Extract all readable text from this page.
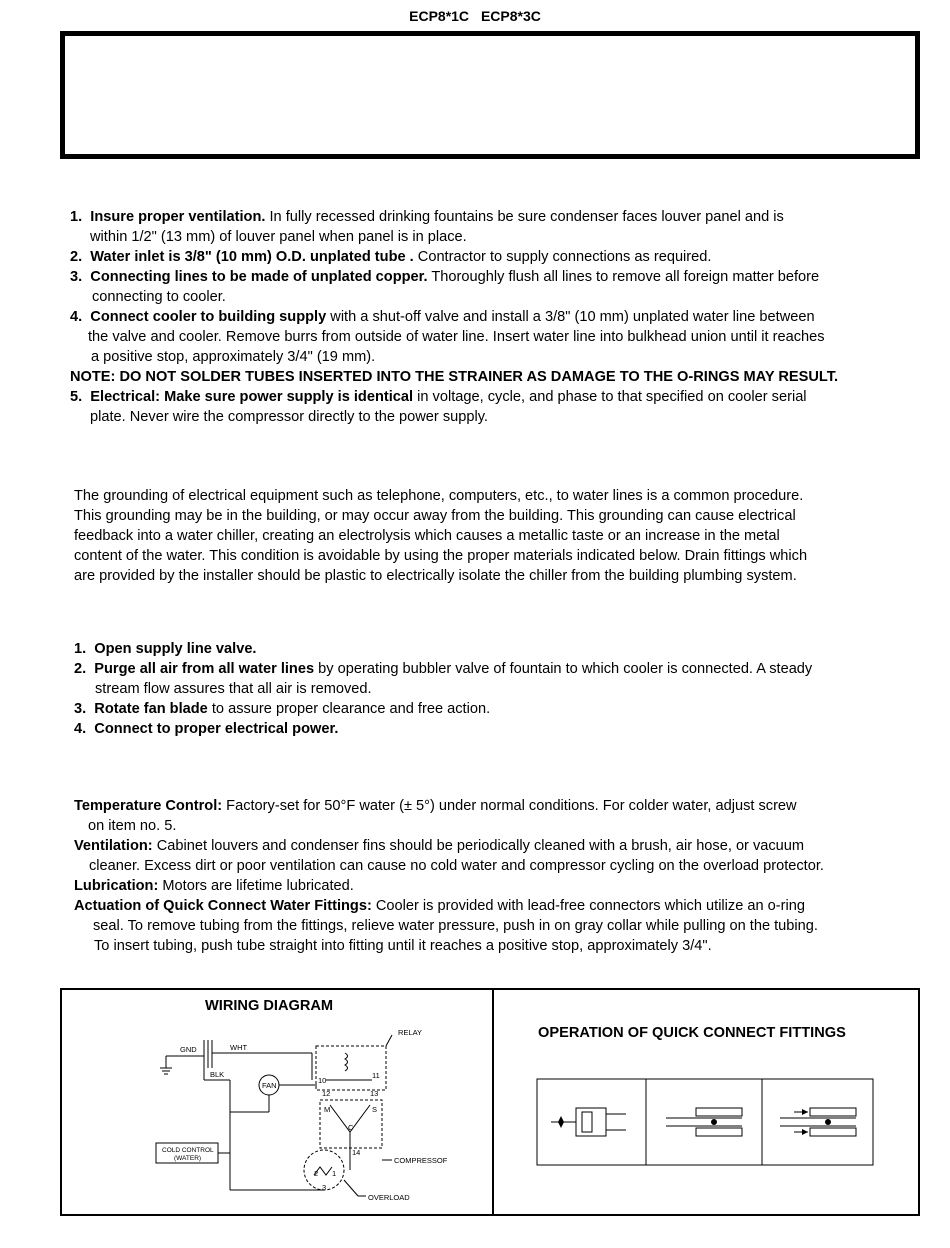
ECP8*1C ECP8*3C

1. Insure proper ventilation. In fully recessed drinking fountains be sure condenser faces louver panel and is

within 1/2" (13 mm) of louver panel when panel is in place.

2. Water inlet is 3/8" (10 mm) O.D. unplated tube . Contractor to supply connections as required.

3. Connecting lines to be made of unplated copper. Thoroughly flush all lines to remove all foreign matter before

connecting to cooler.

4. Connect cooler to building supply with a shut-off valve and install a 3/8" (10 mm) unplated water line between

the valve and cooler. Remove burrs from outside of water line. Insert water line into bulkhead union until it reaches

a positive stop, approximately 3/4" (19 mm).

NOTE: DO NOT SOLDER TUBES INSERTED INTO THE STRAINER AS DAMAGE TO THE O-RINGS MAY RESULT.

5. Electrical: Make sure power supply is identical in voltage, cycle, and phase to that specified on cooler serial

plate. Never wire the compressor directly to the power supply.

The grounding of electrical equipment such as telephone, computers, etc., to water lines is a common procedure.

This grounding may be in the building, or may occur away from the building. This grounding can cause electrical

feedback into a water chiller, creating an electrolysis which causes a metallic taste or an increase in the metal

content of the water. This condition is avoidable by using the proper materials indicated below. Drain fittings which

are provided by the installer should be plastic to electrically isolate the chiller from the building plumbing system.

1. Open supply line valve.

2. Purge all air from all water lines by operating bubbler valve of fountain to which cooler is connected. A steady

stream flow assures that all air is removed.

3. Rotate fan blade to assure proper clearance and free action.

4. Connect to proper electrical power.

Temperature Control: Factory-set for 50°F water (± 5°) under normal conditions. For colder water, adjust screw

on item no. 5.

Ventilation: Cabinet louvers and condenser fins should be periodically cleaned with a brush, air hose, or vacuum

cleaner. Excess dirt or poor ventilation can cause no cold water and compressor cycling on the overload protector.

Lubrication: Motors are lifetime lubricated.

Actuation of Quick Connect Water Fittings: Cooler is provided with lead-free connectors which utilize an o-ring

seal. To remove tubing from the fittings, relieve water pressure, push in on gray collar while pulling on the tubing.

To insert tubing, push tube straight into fitting until it reaches a positive stop, approximately 3/4".

WIRING DIAGRAM
OPERATION OF QUICK CONNECT FITTINGS
GND	WHT
BLK
FAN
RELAY
10
11
12	13
M	S
C
14
COMPRESSOF
COLD CONTROL
(WATER)
2 1
3
OVERLOAD
